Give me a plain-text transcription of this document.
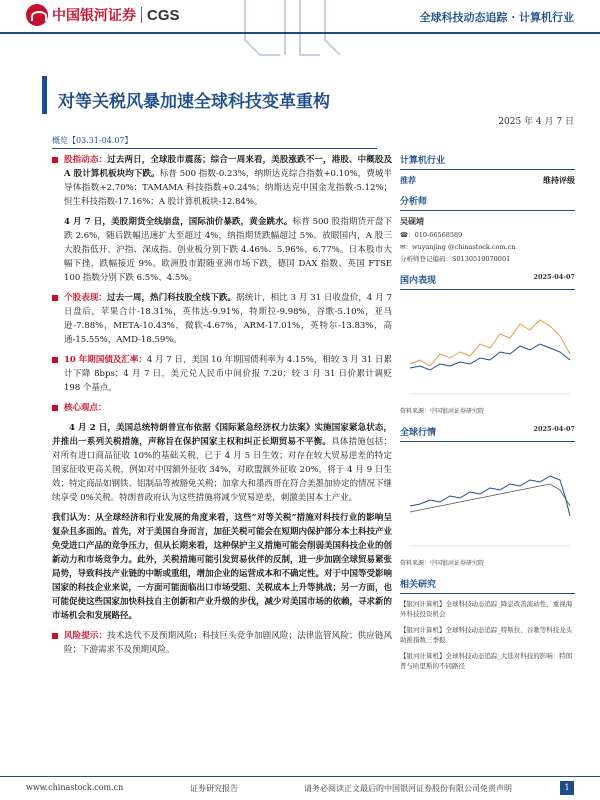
中国银河证券 CGS	全球科技动态追踪 · 计算机行业
对等关税风暴加速全球科技变革重构
2025 年 4 月 7 日
概览【03.31-04.07】
股指动态：过去两日，全球股市震荡；综合一周来看，美股涨跌不一，港股、中概股及 A 股计算机板块均下跌。标普 500 指数-0.23%，纳斯达克综合指数+0.10%，费城半导体指数+2.70%；TAMAMA 科技指数+0.24%；纳斯达克中国金龙指数-5.12%；恒生科技指数-17.16%；A 股计算机板块-12.84%。
4 月 7 日，美股期货全线崩盘，国际油价暴跌，黄金跳水。标普 500 股指期货开盘下跌 2.6%，随后跌幅迅速扩大至超过 4%，纳指期货跌幅超过 5%。放眼国内，A 股三大股指低开，沪指、深成指、创业板分别下跌 4.46%、5.96%、6.77%。日本股市大幅下挫，跌幅接近 9%。欧洲股市跟随亚洲市场下跌，德国 DAX 指数、英国 FTSE 100 指数分别下跌 6.5%、4.5%。
个股表现：过去一周，热门科技股全线下跌。据统计，相比 3 月 31 日收盘价，4 月 7 日盘后，苹果合计-18.31%，英伟达-9.91%，特斯拉-9.98%，谷歌-5.10%，亚马逊-7.88%，META-10.43%，微软-4.67%，ARM-17.01%，英特尔-13.83%，高通-15.55%，AMD-18.59%。
10 年期国债及汇率：4 月 7 日，美国 10 年期国债利率为 4.15%，相较 3 月 31 日累计下降 8bps；4 月 7 日，美元兑人民币中间价报 7.20；较 3 月 31 日价累计调贬 198 个基点。
核心观点：
4 月 2 日，美国总统特朗普宣布依据《国际紧急经济权力法案》实施国家紧急状态，并推出一系列关税措施，声称旨在保护国家主权和纠正长期贸易不平衡。具体措施包括：对所有进口商品征收 10%的基础关税，已于 4 月 5 日生效；对存在较大贸易逆差的特定国家征收更高关税，例如对中国额外征收 34%，对欧盟额外征收 20%，将于 4 月 9 日生效；特定商品如钢铁、铝制品等被豁免关税；加拿大和墨西哥在符合美墨加协定的情况下继续享受 0%关税。特朗普政府认为这些措施将减少贸易逆差，刺激美国本土产业。
我们认为：从全球经济和行业发展的角度来看，这些“对等关税”措施对科技行业的影响呈复杂且多面的。首先，对于美国自身而言，加征关税可能会在短期内保护部分本土科技产业免受进口产品的竞争压力，但从长期来看，这种保护主义措施可能会削弱美国科技企业的创新动力和市场竞争力。此外，关税措施可能引发贸易伙伴的反制，进一步加剧全球贸易紧张局势，导致科技产业链的中断或重组，增加企业的运营成本和不确定性。对于中国等受影响国家的科技企业来说，一方面可能面临出口市场受阻、关税成本上升等挑战；另一方面，也可能促使这些国家加快科技自主创新和产业升级的步伐，减少对美国市场的依赖，寻求新的市场机会和发展路径。
风险提示：技术迭代不及预期风险；科技巨头竞争加剧风险；法律监管风险；供应链风险；下游需求不及预期风险。
计算机行业
推荐	维持评级
分析师
吴砚靖
☎：010-66568589
✉：wuyanjing @chinastock.com.cn
分析师登记编码：S0130519070001
国内表现	2025-04-07
资料来源：中国银河证券研究院
全球行情	2025-04-07
资料来源：中国银河证券研究院
相关研究
【银河计算机】全球科技动态追踪_降息改善流动性，重视海外科技投资机会
【银河计算机】全球科技动态追踪_特斯拉、谷歌等科技龙头助推指数三季报
【银河计算机】全球科技动态追踪_大选对科技的影响：特朗普与哈里斯的不同路径
www.chinastock.com.cn	证券研究报告	请务必阅读正文最后的中国银河证券股份有限公司免责声明	1
